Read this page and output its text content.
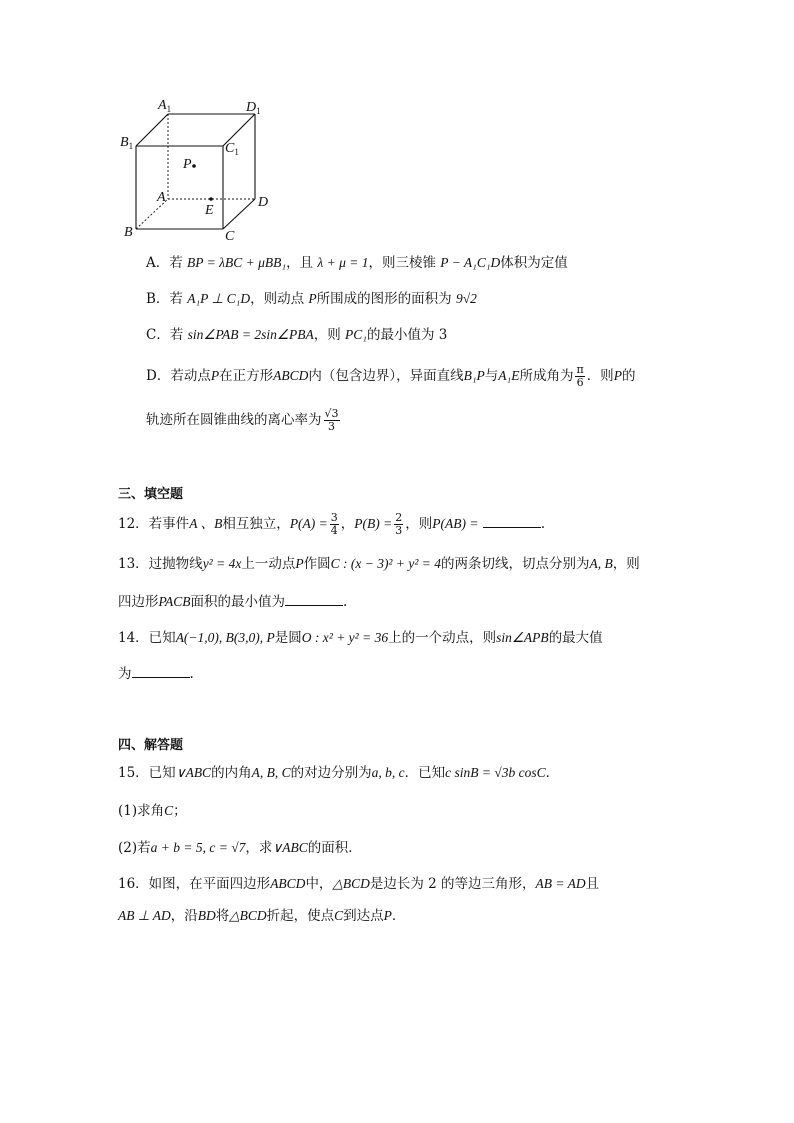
$A_1$	$D_1$
$B_1$	$C_1$
A	D
B	C
P
E
A．若 BP = λBC + μBB₁，且 λ + μ = 1，则三棱锥 P − A₁C₁D体积为定值
B．若 A₁P ⊥ C₁D，则动点 P所围成的图形的面积为 9√2
C．若 sin∠PAB = 2sin∠PBA，则 PC₁的最小值为 3
D．若动点P在正方形ABCD内（包含边界），异面直线B₁P与A₁E所成角为 $\frac{\pi}{6}$ ．则P的
轨迹所在圆锥曲线的离心率为 $\frac{√3}{3}$
三、填空题
12．若事件A 、B相互独立，$P(A) = \frac{3}{4}$ ，$P(B) = \frac{2}{3}$ ，则P(AB) =	.
13．过抛物线y² = 4x上一动点P作圆C : (x − 3)² + y² = 4的两条切线，切点分别为A, B，则
四边形PACB面积的最小值为	.
14．已知A(−1,0), B(3,0), P是圆O : x² + y² = 36上的一个动点，则sin∠APB的最大值
为	.
四、解答题
15．已知∨ABC的内角A, B, C的对边分别为a, b, c．已知c sinB = √3b cosC．
(1)求角C；
(2)若a + b = 5, c = √7，求∨ABC的面积．
16．如图，在平面四边形ABCD中，△BCD是边长为 2 的等边三角形，AB = AD且
AB ⊥ AD，沿BD将△BCD折起，使点C到达点P．
